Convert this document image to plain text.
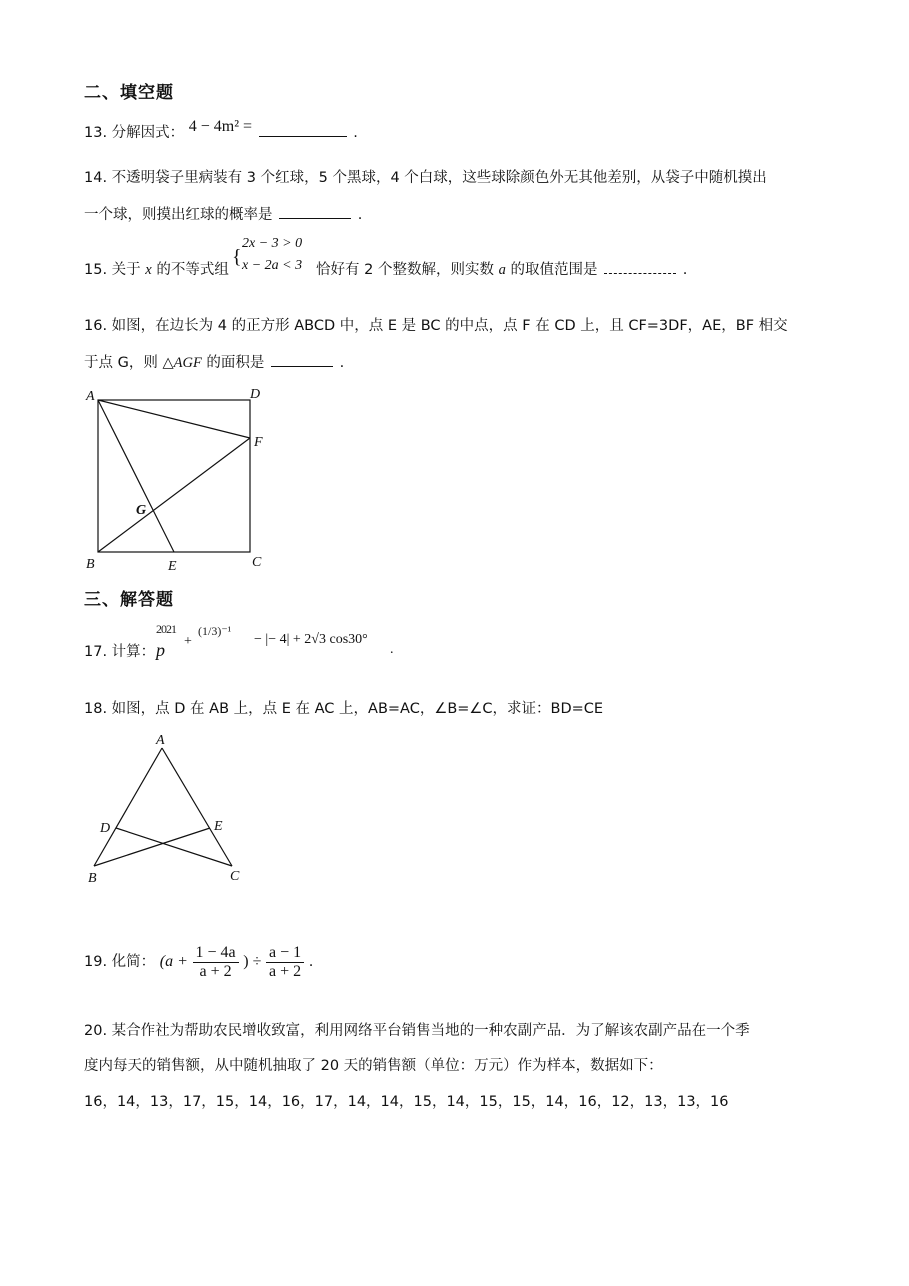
二、填空题
13. 分解因式： 4 − 4m² =	.
14. 不透明袋子里病装有 3 个红球，5 个黑球，4 个白球，这些球除颜色外无其他差别，从袋子中随机摸出
一个球，则摸出红球的概率是	.
15. 关于 x 的不等式组	恰好有 2 个整数解，则实数 a 的取值范围是	.
{
2x − 3 > 0
x − 2a < 3
16. 如图，在边长为 4 的正方形 ABCD 中，点 E 是 BC 的中点，点 F 在 CD 上，且 CF=3DF，AE，BF 相交
于点 G，则 △AGF 的面积是	.
A	D
F
G
B	E	C
三、解答题
17. 计算：
2021
p +
(1/3)⁻¹
− |− 4| + 2√3 cos30°
.
18. 如图，点 D 在 AB 上，点 E 在 AC 上，AB=AC，∠B=∠C，求证：BD=CE
A
D	E
B	C
19. 化简： ($a + \frac{1 - 4a}{a + 2}$ ) ÷ $\frac{a - 1}{a + 2}$ .
20. 某合作社为帮助农民增收致富，利用网络平台销售当地的一种农副产品．为了解该农副产品在一个季
度内每天的销售额，从中随机抽取了 20 天的销售额（单位：万元）作为样本，数据如下：
16，14，13，17，15，14，16，17，14，14，15，14，15，15，14，16，12，13，13，16
